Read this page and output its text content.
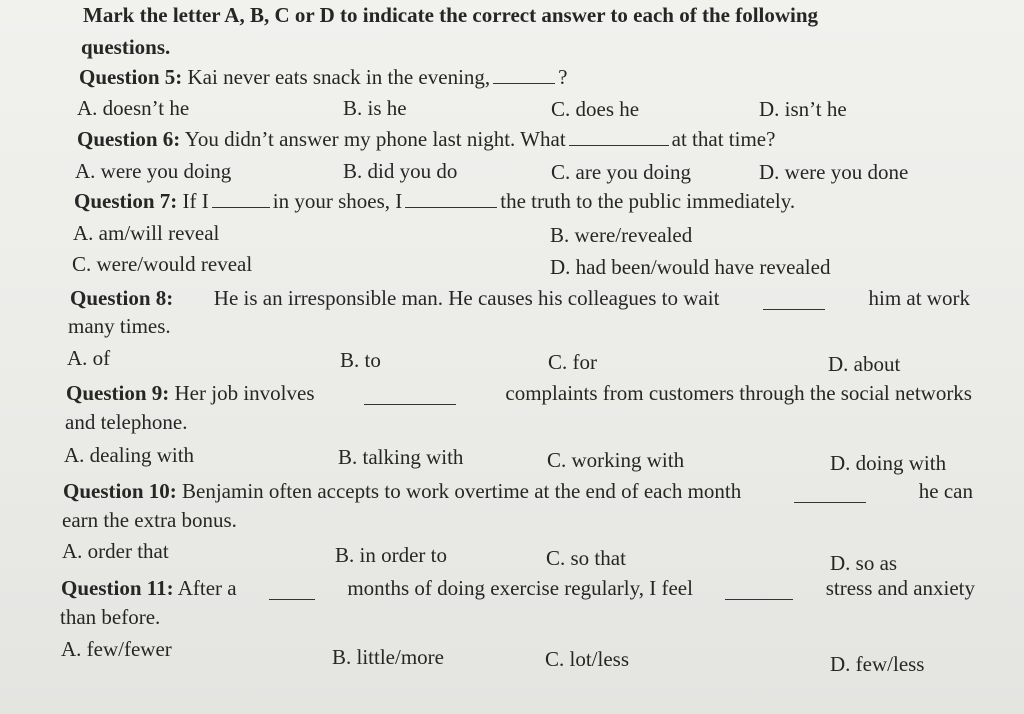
Mark the letter A, B, C or D to indicate the correct answer to each of the following
questions.
Question 5: Kai never eats snack in the evening,	?
A. doesn’t he	B. is he	C. does he	D. isn’t he
Question 6: You didn’t answer my phone last night. What	at that time?
A. were you doing	B. did you do	C. are you doing	D. were you done
Question 7: If I	in your shoes, I	the truth to the public immediately.
A. am/will reveal	B. were/revealed
C. were/would reveal	D. had been/would have revealed
Question 8: He is an irresponsible man. He causes his colleagues to wait	him at work
many times.
A. of	B. to	C. for	D. about
Question 9: Her job involves	complaints from customers through the social networks
and telephone.
A. dealing with	B. talking with	C. working with	D. doing with
Question 10: Benjamin often accepts to work overtime at the end of each month	he can
earn the extra bonus.
A. order that	B. in order to	C. so that	D. so as
Question 11: After a	months of doing exercise regularly, I feel	stress and anxiety
than before.
A. few/fewer	B. little/more	C. lot/less	D. few/less
